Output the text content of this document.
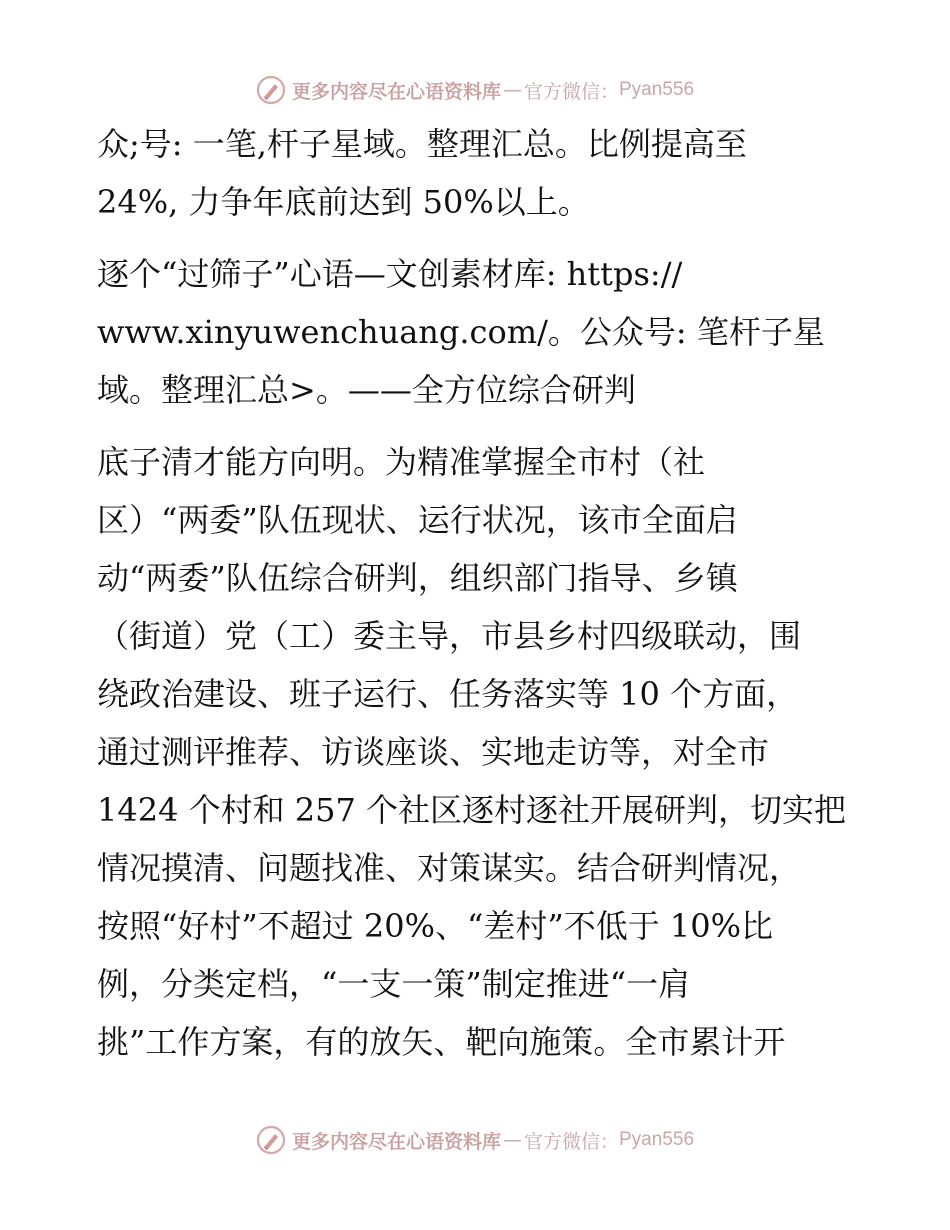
更多内容尽在心语资料库 — 官方微信： Pyan556
众;号: 一笔,杆子星域。整理汇总。比例提高至
24%, 力争年底前达到 50%以上。
逐个“过筛子”心语—文创素材库: https://
www.xinyuwenchuang.com/。公众号: 笔杆子星
域。整理汇总>。——全方位综合研判
底子清才能方向明。为精准掌握全市村（社
区）“两委”队伍现状、运行状况，该市全面启
动“两委”队伍综合研判，组织部门指导、乡镇
（街道）党（工）委主导，市县乡村四级联动，围
绕政治建设、班子运行、任务落实等 10 个方面，
通过测评推荐、访谈座谈、实地走访等，对全市
1424 个村和 257 个社区逐村逐社开展研判，切实把
情况摸清、问题找准、对策谋实。结合研判情况，
按照“好村”不超过 20%、“差村”不低于 10%比
例，分类定档，“一支一策”制定推进“一肩
挑”工作方案，有的放矢、靶向施策。全市累计开
更多内容尽在心语资料库 — 官方微信： Pyan556
